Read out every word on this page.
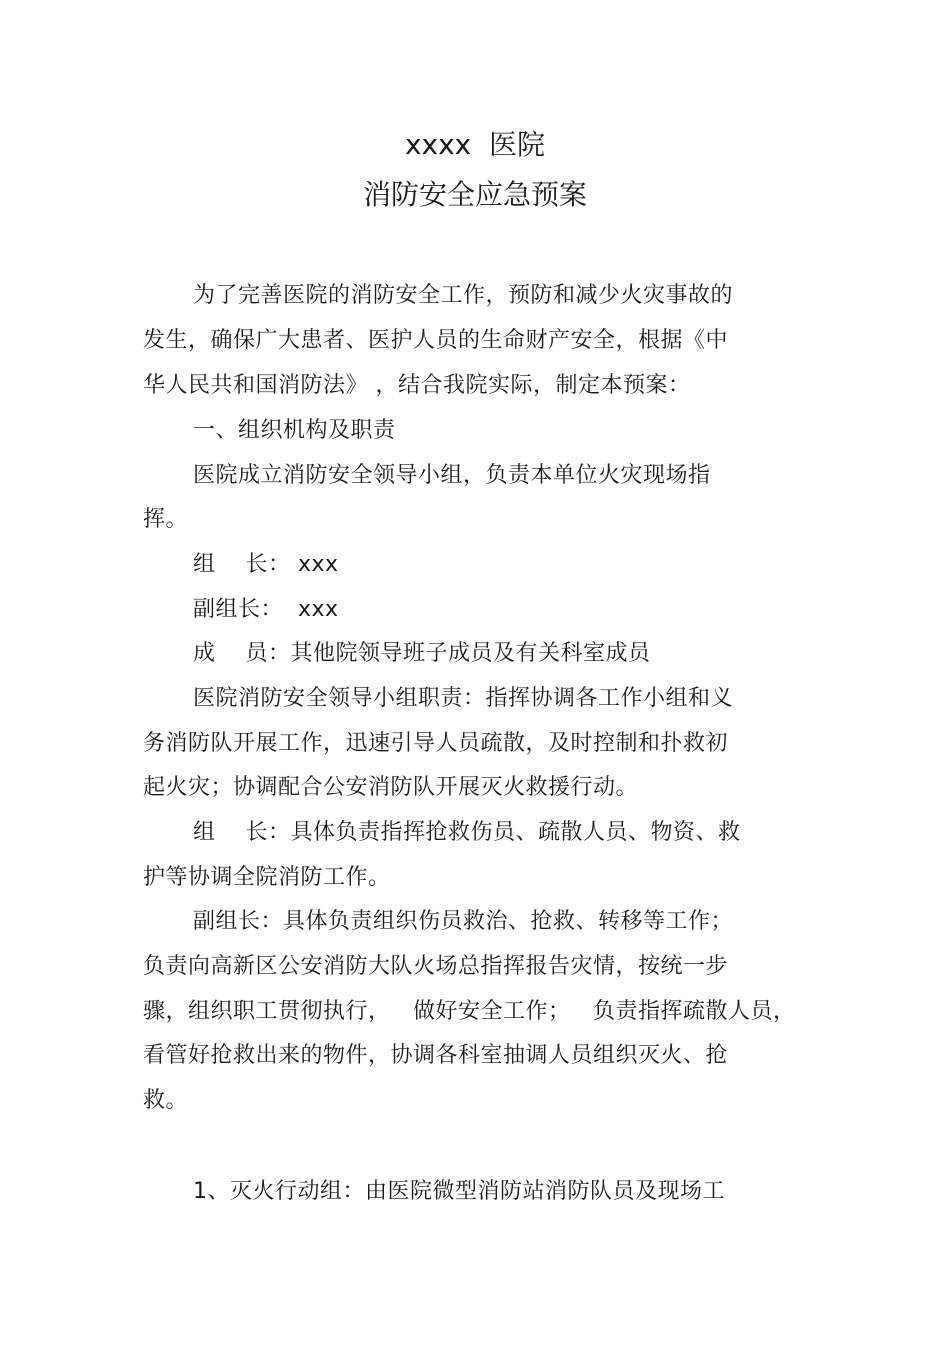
xxxx  医院
消防安全应急预案
为了完善医院的消防安全工作，预防和减少火灾事故的
发生，确保广大患者、医护人员的生命财产安全，根据《中
华人民共和国消防法》 ，结合我院实际，制定本预案：
一、组织机构及职责
医院成立消防安全领导小组，负责本单位火灾现场指
挥。
组    长： xxx
副组长：  xxx
成    员：其他院领导班子成员及有关科室成员
医院消防安全领导小组职责：指挥协调各工作小组和义
务消防队开展工作，迅速引导人员疏散，及时控制和扑救初
起火灾；协调配合公安消防队开展灭火救援行动。
组    长：具体负责指挥抢救伤员、疏散人员、物资、救
护等协调全院消防工作。
副组长：具体负责组织伤员救治、抢救、转移等工作；
负责向高新区公安消防大队火场总指挥报告灾情，按统一步
骤，组织职工贯彻执行，   做好安全工作；   负责指挥疏散人员，
看管好抢救出来的物件，协调各科室抽调人员组织灭火、抢
救。
1、灭火行动组：由医院微型消防站消防队员及现场工
